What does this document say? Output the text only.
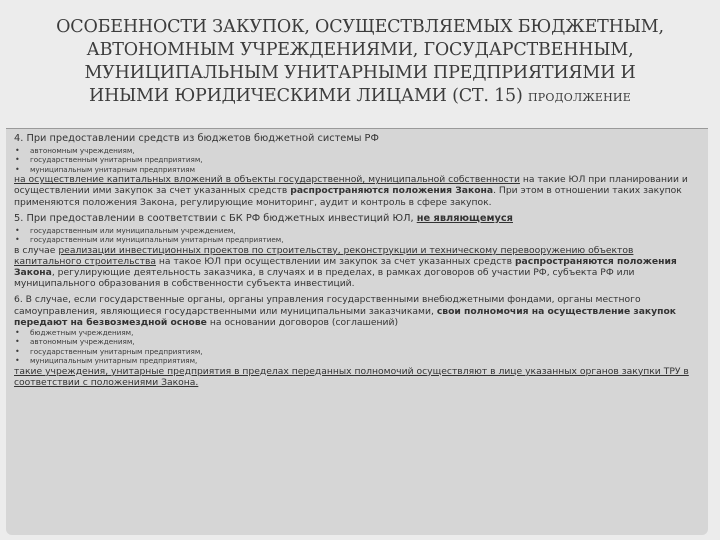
ОСОБЕННОСТИ ЗАКУПОК, ОСУЩЕСТВЛЯЕМЫХ БЮДЖЕТНЫМ,
АВТОНОМНЫМ УЧРЕЖДЕНИЯМИ, ГОСУДАРСТВЕННЫМ,
МУНИЦИПАЛЬНЫМ УНИТАРНЫМИ ПРЕДПРИЯТИЯМИ И
ИНЫМИ ЮРИДИЧЕСКИМИ ЛИЦАМИ (СТ. 15) ПРОДОЛЖЕНИЕ

4. При предоставлении средств из бюджетов бюджетной системы РФ

• автономным учреждениям,
• государственным унитарным предприятиям,
• муниципальным унитарным предприятиям

на осуществление капитальных вложений в объекты государственной, муниципальной собственности на такие ЮЛ при планировании и осуществлении ими закупок за счет указанных средств распространяются положения Закона. При этом в отношении таких закупок применяются положения Закона, регулирующие мониторинг, аудит и контроль в сфере закупок.

5. При предоставлении в соответствии с БК РФ бюджетных инвестиций ЮЛ, не являющемуся

• государственным или муниципальным учреждением,
• государственным или муниципальным унитарным предприятием,

в случае реализации инвестиционных проектов по строительству, реконструкции и техническому перевооружению объектов капитального строительства на такое ЮЛ при осуществлении им закупок за счет указанных средств распространяются положения Закона, регулирующие деятельность заказчика, в случаях и в пределах, в рамках договоров об участии РФ, субъекта РФ или муниципального образования в собственности субъекта инвестиций.

6. В случае, если государственные органы, органы управления государственными внебюджетными фондами, органы местного самоуправления, являющиеся государственными или муниципальными заказчиками, свои полномочия на осуществление закупок передают на безвозмездной основе на основании договоров (соглашений)

• бюджетным учреждениям,
• автономным учреждениям,
• государственным унитарным предприятиям,
• муниципальным унитарным предприятиям,

такие учреждения, унитарные предприятия в пределах переданных полномочий осуществляют в лице указанных органов закупки ТРУ в соответствии с положениями Закона.
